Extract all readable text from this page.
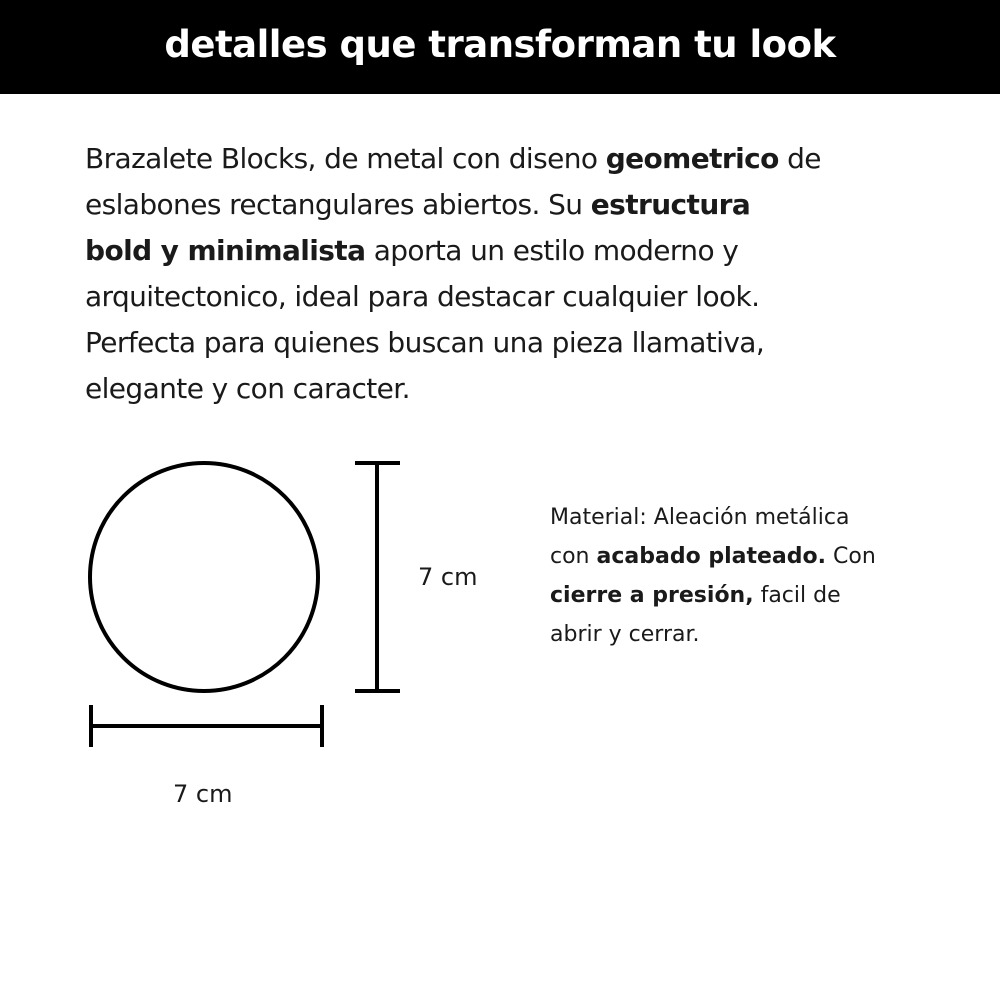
detalles que transforman tu look

Brazalete Blocks, de metal con diseno geometrico de
eslabones rectangulares abiertos. Su estructura
bold y minimalista aporta un estilo moderno y
arquitectonico, ideal para destacar cualquier look.
Perfecta para quienes buscan una pieza llamativa,
elegante y con caracter.

7 cm
7 cm

Material: Aleación metálica
con acabado plateado. Con
cierre a presión, facil de
abrir y cerrar.
